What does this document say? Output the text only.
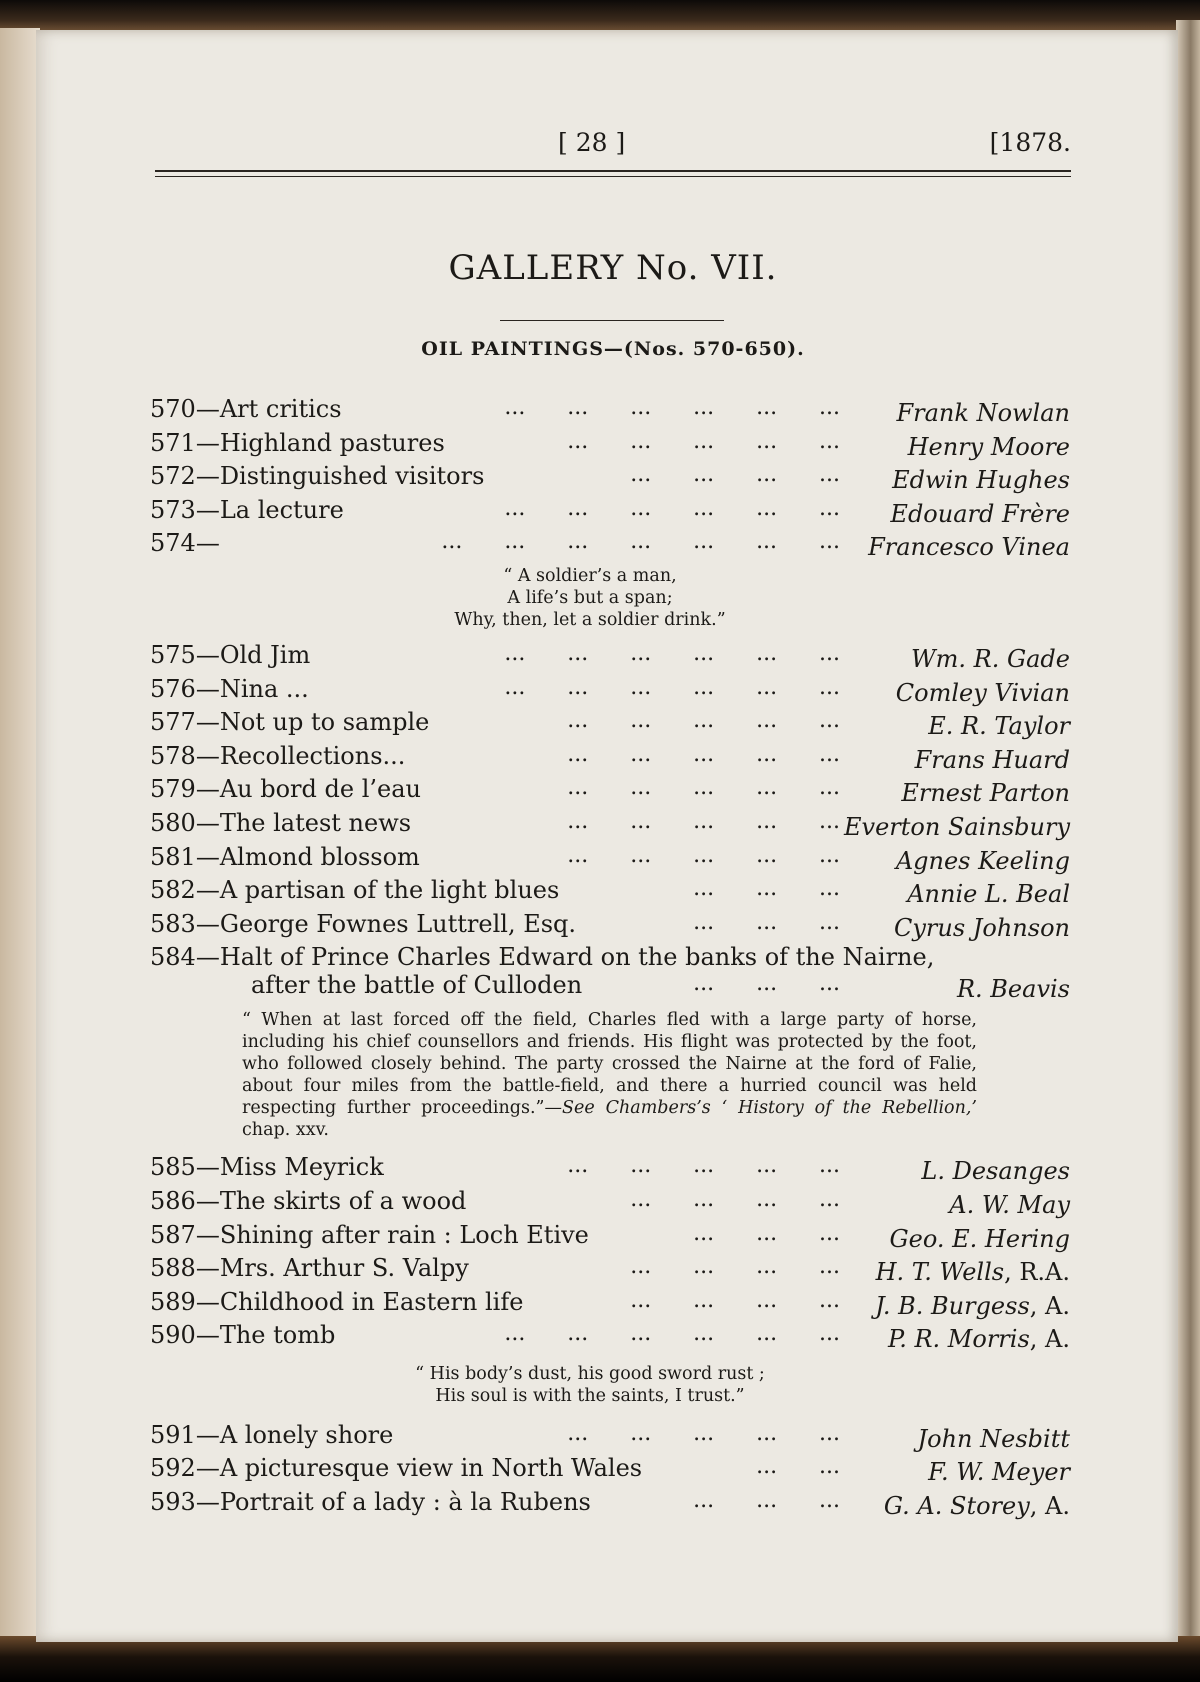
[ 28 ]	[1878.
GALLERY No. VII.
OIL PAINTINGS—(Nos. 570-650).
570—Art critics	...      ...      ...      ...      ...      ... Frank Nowlan
571—Highland pastures	...      ...      ...      ...      ...	Henry Moore
572—Distinguished visitors	...      ...      ...      ... Edwin Hughes
573—La lecture	...      ...      ...      ...      ...      ... Edouard Frère
574—	...      ...      ...      ...      ...      ...      ... Francesco Vinea
“ A soldier’s a man,
A life’s but a span;
Why, then, let a soldier drink.”
575—Old Jim	...      ...      ...      ...      ...      ...	Wm. R. Gade
576—Nina ...	...      ...      ...      ...      ...      ... Comley Vivian
577—Not up to sample	...      ...      ...      ...      ...	E. R. Taylor
578—Recollections...	...      ...      ...      ...      ...	Frans Huard
579—Au bord de l’eau	...      ...      ...      ...      ...	Ernest Parton
580—The latest news	...      ...      ...      ...      ... Everton Sainsbury
581—Almond blossom	...      ...      ...      ...      ... Agnes Keeling
582—A partisan of the light blues	...      ...      ...	Annie L. Beal
583—George Fownes Luttrell, Esq.	...      ...      ... Cyrus Johnson
584—Halt of Prince Charles Edward on the banks of the Nairne,
after the battle of Culloden	...      ...      ...	R. Beavis
“ When at last forced off the field, Charles fled with a large party of horse, including his chief counsellors and friends. His flight was protected by the foot, who followed closely behind. The party crossed the Nairne at the ford of Falie, about four miles from the battle-field, and there a hurried council was held respecting further proceedings.”—See Chambers’s ‘ History of the Rebellion,’ chap. xxv.
585—Miss Meyrick	...      ...      ...      ...      ...	L. Desanges
586—The skirts of a wood	...      ...      ...      ...	A. W. May
587—Shining after rain : Loch Etive	...      ...      ... Geo. E. Hering
588—Mrs. Arthur S. Valpy	...      ...      ...      ... H. T. Wells, R.A.
589—Childhood in Eastern life	...      ...      ...      ... J. B. Burgess, A.
590—The tomb	...      ...      ...      ...      ...      ... P. R. Morris, A.
“ His body’s dust, his good sword rust ;
His soul is with the saints, I trust.”
591—A lonely shore	...      ...      ...      ...      ...	John Nesbitt
592—A picturesque view in North Wales	...      ...	F. W. Meyer
593—Portrait of a lady : à la Rubens	...      ...      ... G. A. Storey, A.
